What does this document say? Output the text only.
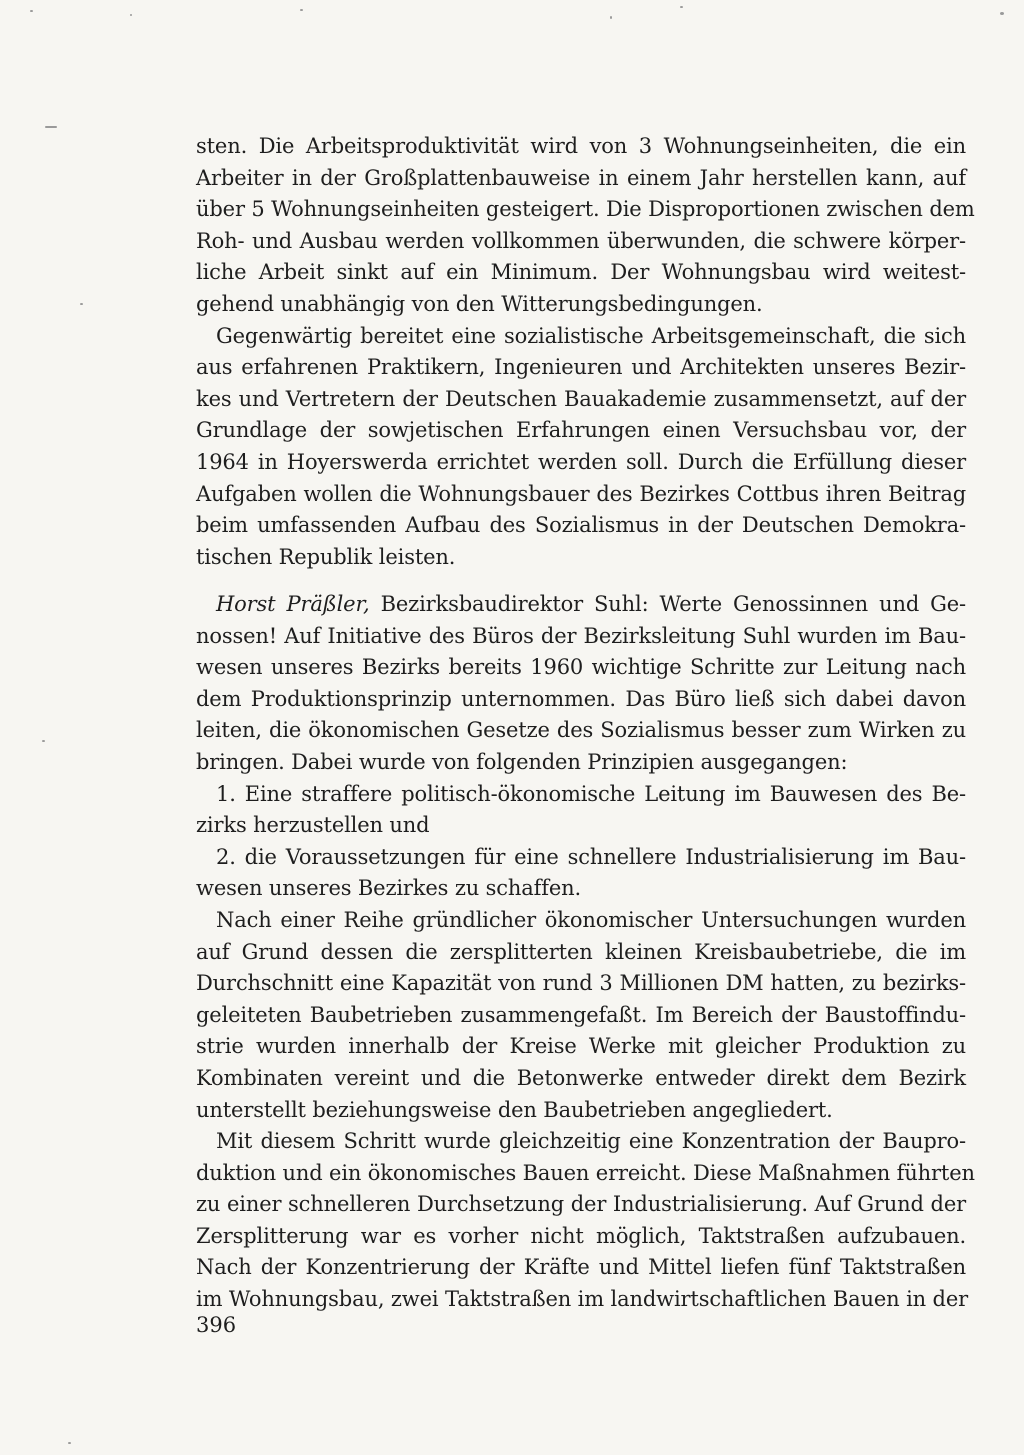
sten. Die Arbeitsproduktivität wird von 3 Wohnungseinheiten, die ein
Arbeiter in der Großplattenbauweise in einem Jahr herstellen kann, auf
über 5 Wohnungseinheiten gesteigert. Die Disproportionen zwischen dem
Roh- und Ausbau werden vollkommen überwunden, die schwere körper-
liche Arbeit sinkt auf ein Minimum. Der Wohnungsbau wird weitest-
gehend unabhängig von den Witterungsbedingungen.
Gegenwärtig bereitet eine sozialistische Arbeitsgemeinschaft, die sich
aus erfahrenen Praktikern, Ingenieuren und Architekten unseres Bezir-
kes und Vertretern der Deutschen Bauakademie zusammensetzt, auf der
Grundlage der sowjetischen Erfahrungen einen Versuchsbau vor, der
1964 in Hoyerswerda errichtet werden soll. Durch die Erfüllung dieser
Aufgaben wollen die Wohnungsbauer des Bezirkes Cottbus ihren Beitrag
beim umfassenden Aufbau des Sozialismus in der Deutschen Demokra-
tischen Republik leisten.
Horst Präßler, Bezirksbaudirektor Suhl: Werte Genossinnen und Ge-
nossen! Auf Initiative des Büros der Bezirksleitung Suhl wurden im Bau-
wesen unseres Bezirks bereits 1960 wichtige Schritte zur Leitung nach
dem Produktionsprinzip unternommen. Das Büro ließ sich dabei davon
leiten, die ökonomischen Gesetze des Sozialismus besser zum Wirken zu
bringen. Dabei wurde von folgenden Prinzipien ausgegangen:
1. Eine straffere politisch-ökonomische Leitung im Bauwesen des Be-
zirks herzustellen und
2. die Voraussetzungen für eine schnellere Industrialisierung im Bau-
wesen unseres Bezirkes zu schaffen.
Nach einer Reihe gründlicher ökonomischer Untersuchungen wurden
auf Grund dessen die zersplitterten kleinen Kreisbaubetriebe, die im
Durchschnitt eine Kapazität von rund 3 Millionen DM hatten, zu bezirks-
geleiteten Baubetrieben zusammengefaßt. Im Bereich der Baustoffindu-
strie wurden innerhalb der Kreise Werke mit gleicher Produktion zu
Kombinaten vereint und die Betonwerke entweder direkt dem Bezirk
unterstellt beziehungsweise den Baubetrieben angegliedert.
Mit diesem Schritt wurde gleichzeitig eine Konzentration der Baupro-
duktion und ein ökonomisches Bauen erreicht. Diese Maßnahmen führten
zu einer schnelleren Durchsetzung der Industrialisierung. Auf Grund der
Zersplitterung war es vorher nicht möglich, Taktstraßen aufzubauen.
Nach der Konzentrierung der Kräfte und Mittel liefen fünf Taktstraßen
im Wohnungsbau, zwei Taktstraßen im landwirtschaftlichen Bauen in der
396
